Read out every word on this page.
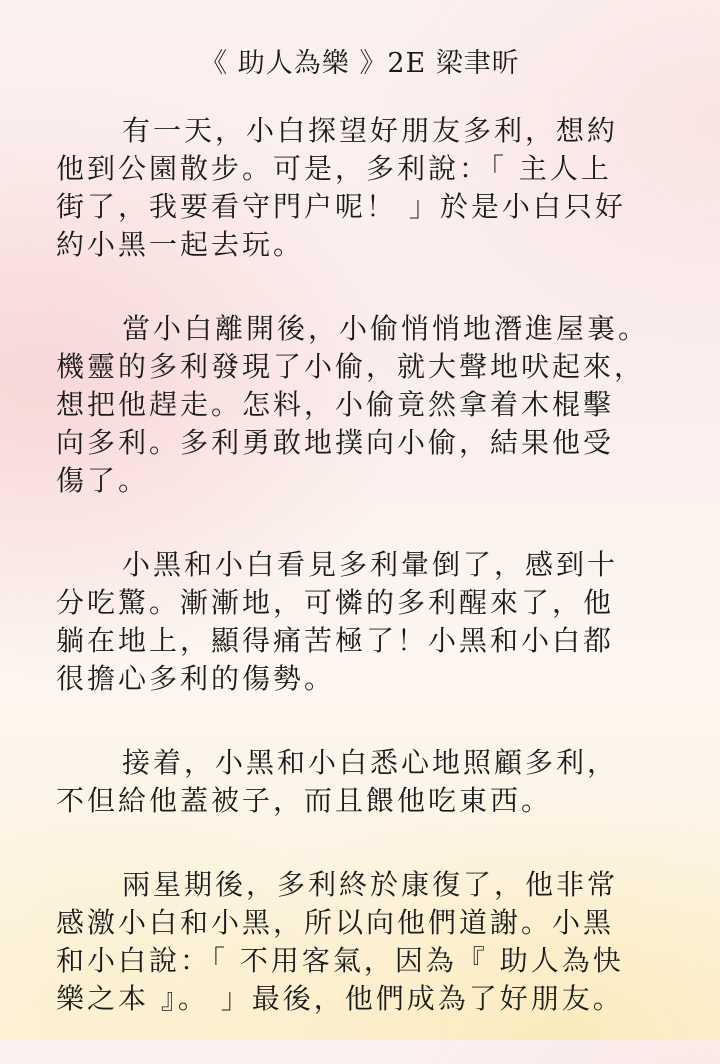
《 助人為樂 》2E 梁聿昕

有一天，小白探望好朋友多利，想約
他到公園散步。可是，多利說：「 主人上
街了，我要看守門户呢！ 」於是小白只好
約小黑一起去玩。

當小白離開後，小偷悄悄地潛進屋裏。
機靈的多利發現了小偷，就大聲地吠起來，
想把他趕走。怎料，小偷竟然拿着木棍擊
向多利。多利勇敢地撲向小偷，結果他受
傷了。

小黑和小白看見多利暈倒了，感到十
分吃驚。漸漸地，可憐的多利醒來了，他
躺在地上，顯得痛苦極了！小黑和小白都
很擔心多利的傷勢。

接着，小黑和小白悉心地照顧多利，
不但給他蓋被子，而且餵他吃東西。

兩星期後，多利終於康復了，他非常
感激小白和小黑，所以向他們道謝。小黑
和小白說：「 不用客氣，因為『 助人為快
樂之本 』。 」最後，他們成為了好朋友。
